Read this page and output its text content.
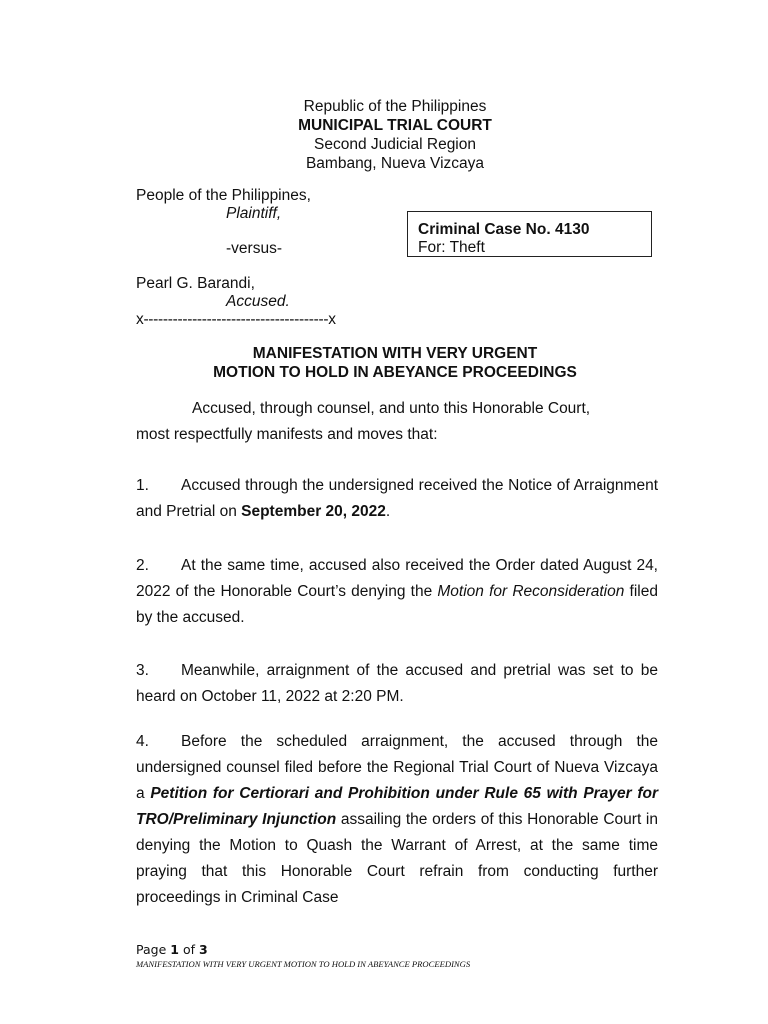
Republic of the Philippines
MUNICIPAL TRIAL COURT
Second Judicial Region
Bambang, Nueva Vizcaya
People of the Philippines,
Plaintiff,
-versus-
Pearl G. Barandi,
Accused.
x--------------------------------------x
Criminal Case No. 4130
For: Theft
MANIFESTATION WITH VERY URGENT
MOTION TO HOLD IN ABEYANCE PROCEEDINGS
Accused, through counsel, and unto this Honorable Court,
most respectfully manifests and moves that:
1. Accused through the undersigned received the Notice of Arraignment and Pretrial on September 20, 2022.
2. At the same time, accused also received the Order dated August 24, 2022 of the Honorable Court’s denying the Motion for Reconsideration filed by the accused.
3. Meanwhile, arraignment of the accused and pretrial was set to be heard on October 11, 2022 at 2:20 PM.
4. Before the scheduled arraignment, the accused through the undersigned counsel filed before the Regional Trial Court of Nueva Vizcaya a Petition for Certiorari and Prohibition under Rule 65 with Prayer for TRO/Preliminary Injunction assailing the orders of this Honorable Court in denying the Motion to Quash the Warrant of Arrest, at the same time praying that this Honorable Court refrain from conducting further proceedings in Criminal Case
Page 1 of 3
MANIFESTATION WITH VERY URGENT MOTION TO HOLD IN ABEYANCE PROCEEDINGS
